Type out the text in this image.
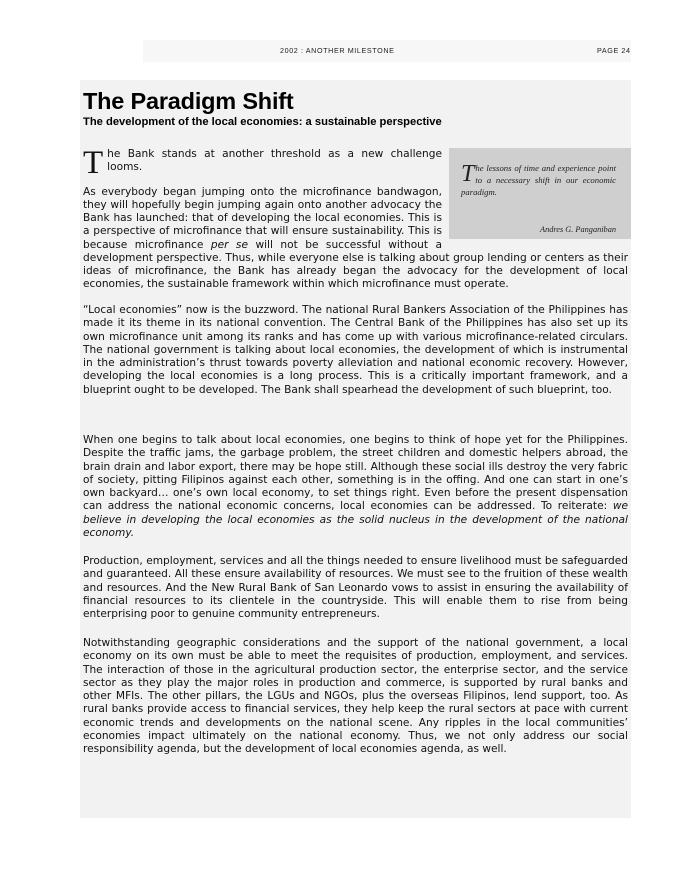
2002 : ANOTHER MILESTONE	PAGE 24
The Paradigm Shift
The development of the local economies: a sustainable perspective
T he Bank stands at another threshold as a new challenge looms.
As everybody began jumping onto the microfinance bandwagon, they will hopefully begin jumping again onto another advocacy the Bank has launched: that of developing the local economies. This is a perspective of microfinance that will ensure sustainability. This is because microfinance per se will not be successful without a development perspective. Thus, while everyone else is talking about group lending or centers as their ideas of microfinance, the Bank has already began the advocacy for the development of local economies, the sustainable framework within which microfinance must operate.

The lessons of time and experience point to a necessary shift in our economic paradigm.

Andres G. Panganiban

“Local economies” now is the buzzword. The national Rural Bankers Association of the Philippines has made it its theme in its national convention. The Central Bank of the Philippines has also set up its own microfinance unit among its ranks and has come up with various microfinance-related circulars. The national government is talking about local economies, the development of which is instrumental in the administration’s thrust towards poverty alleviation and national economic recovery. However, developing the local economies is a long process. This is a critically important framework, and a blueprint ought to be developed. The Bank shall spearhead the development of such blueprint, too.

When one begins to talk about local economies, one begins to think of hope yet for the Philippines. Despite the traffic jams, the garbage problem, the street children and domestic helpers abroad, the brain drain and labor export, there may be hope still. Although these social ills destroy the very fabric of society, pitting Filipinos against each other, something is in the offing. And one can start in one’s own backyard… one’s own local economy, to set things right. Even before the present dispensation can address the national economic concerns, local economies can be addressed. To reiterate: we believe in developing the local economies as the solid nucleus in the development of the national economy.

Production, employment, services and all the things needed to ensure livelihood must be safeguarded and guaranteed. All these ensure availability of resources. We must see to the fruition of these wealth and resources. And the New Rural Bank of San Leonardo vows to assist in ensuring the availability of financial resources to its clientele in the countryside. This will enable them to rise from being enterprising poor to genuine community entrepreneurs.

Notwithstanding geographic considerations and the support of the national government, a local economy on its own must be able to meet the requisites of production, employment, and services. The interaction of those in the agricultural production sector, the enterprise sector, and the service sector as they play the major roles in production and commerce, is supported by rural banks and other MFIs. The other pillars, the LGUs and NGOs, plus the overseas Filipinos, lend support, too. As rural banks provide access to financial services, they help keep the rural sectors at pace with current economic trends and developments on the national scene. Any ripples in the local communities’ economies impact ultimately on the national economy. Thus, we not only address our social responsibility agenda, but the development of local economies agenda, as well.
